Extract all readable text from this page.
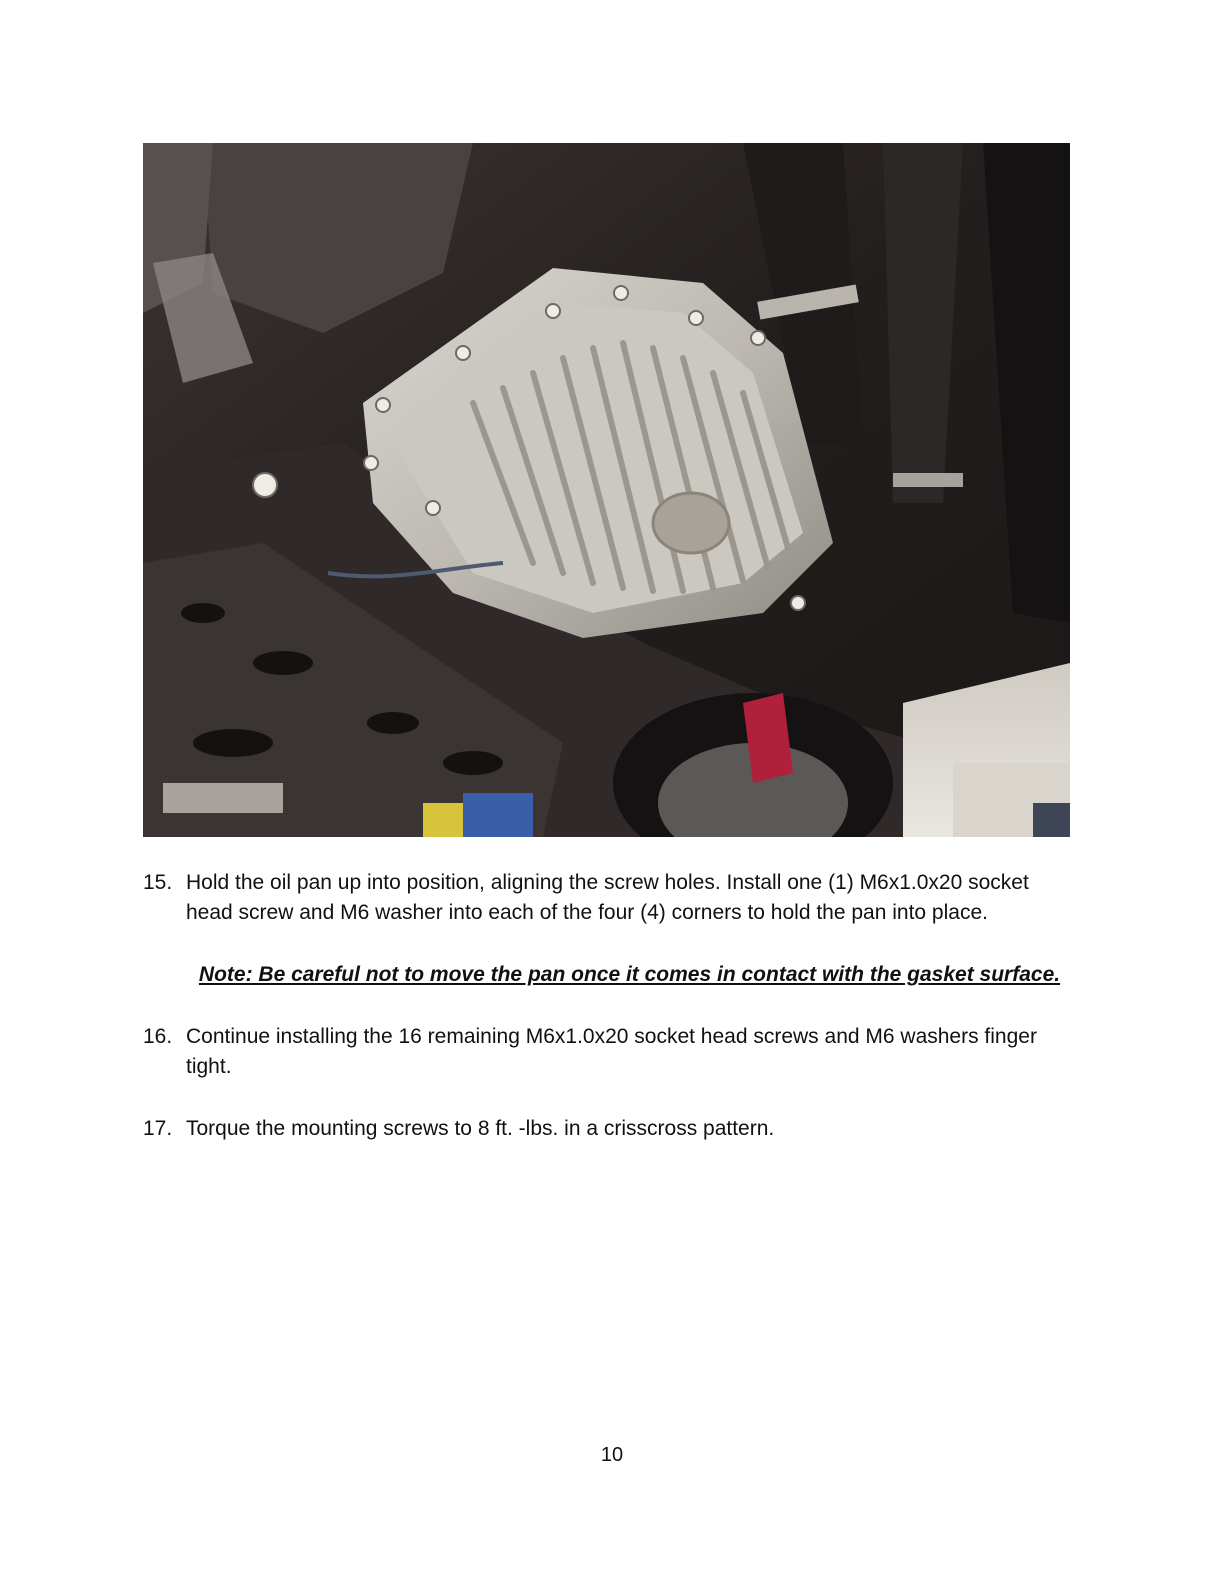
15. Hold the oil pan up into position, aligning the screw holes. Install one (1) M6x1.0x20 socket head screw and M6 washer into each of the four (4) corners to hold the pan into place.
Note: Be careful not to move the pan once it comes in contact with the gasket surface.
16. Continue installing the 16 remaining M6x1.0x20 socket head screws and M6 washers finger tight.
17. Torque the mounting screws to 8 ft. -lbs. in a crisscross pattern.
10
